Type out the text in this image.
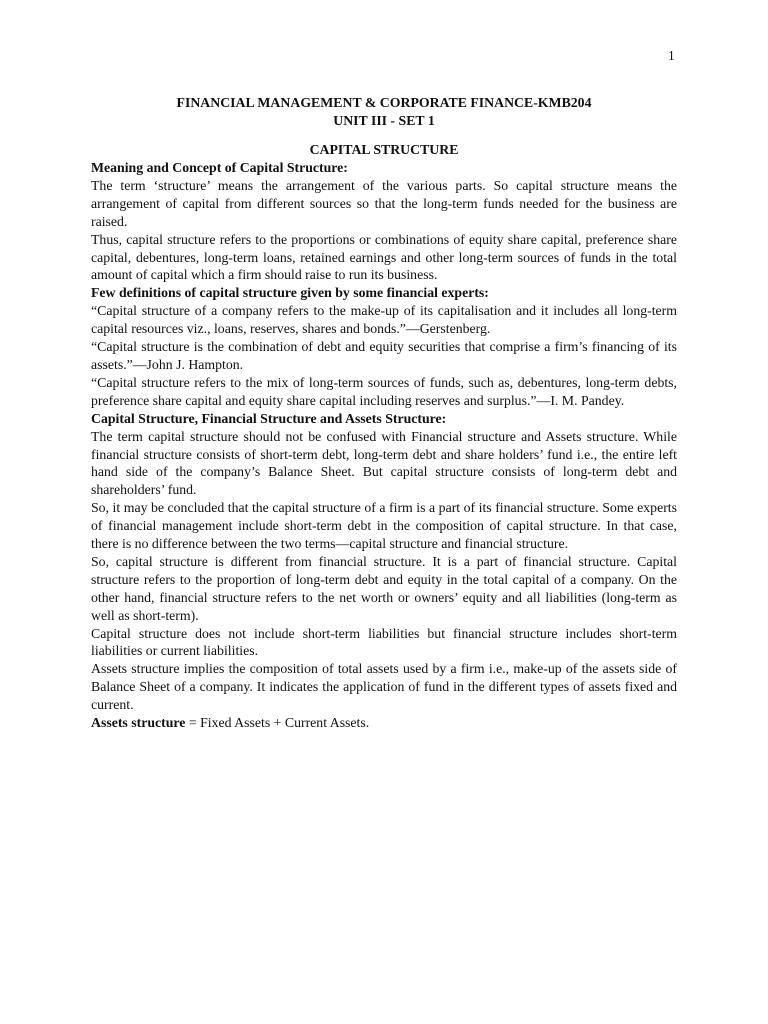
1
FINANCIAL MANAGEMENT & CORPORATE FINANCE-KMB204
UNIT III - SET 1
CAPITAL STRUCTURE

Meaning and Concept of Capital Structure:

The term ‘structure’ means the arrangement of the various parts. So capital structure means the arrangement of capital from different sources so that the long-term funds needed for the business are raised.

Thus, capital structure refers to the proportions or combinations of equity share capital, preference share capital, debentures, long-term loans, retained earnings and other long-term sources of funds in the total amount of capital which a firm should raise to run its business.

Few definitions of capital structure given by some financial experts:

“Capital structure of a company refers to the make-up of its capitalisation and it includes all long-term capital resources viz., loans, reserves, shares and bonds.”—Gerstenberg.

“Capital structure is the combination of debt and equity securities that comprise a firm’s financing of its assets.”—John J. Hampton.

“Capital structure refers to the mix of long-term sources of funds, such as, debentures, long-term debts, preference share capital and equity share capital including reserves and surplus.”—I. M. Pandey.

Capital Structure, Financial Structure and Assets Structure:

The term capital structure should not be confused with Financial structure and Assets structure. While financial structure consists of short-term debt, long-term debt and share holders’ fund i.e., the entire left hand side of the company’s Balance Sheet. But capital structure consists of long-term debt and shareholders’ fund.

So, it may be concluded that the capital structure of a firm is a part of its financial structure. Some experts of financial management include short-term debt in the composition of capital structure. In that case, there is no difference between the two terms—capital structure and financial structure.

So, capital structure is different from financial structure. It is a part of financial structure. Capital structure refers to the proportion of long-term debt and equity in the total capital of a company. On the other hand, financial structure refers to the net worth or owners’ equity and all liabilities (long-term as well as short-term).

Capital structure does not include short-term liabilities but financial structure includes short-term liabilities or current liabilities.

Assets structure implies the composition of total assets used by a firm i.e., make-up of the assets side of Balance Sheet of a company. It indicates the application of fund in the different types of assets fixed and current.

Assets structure = Fixed Assets + Current Assets.
